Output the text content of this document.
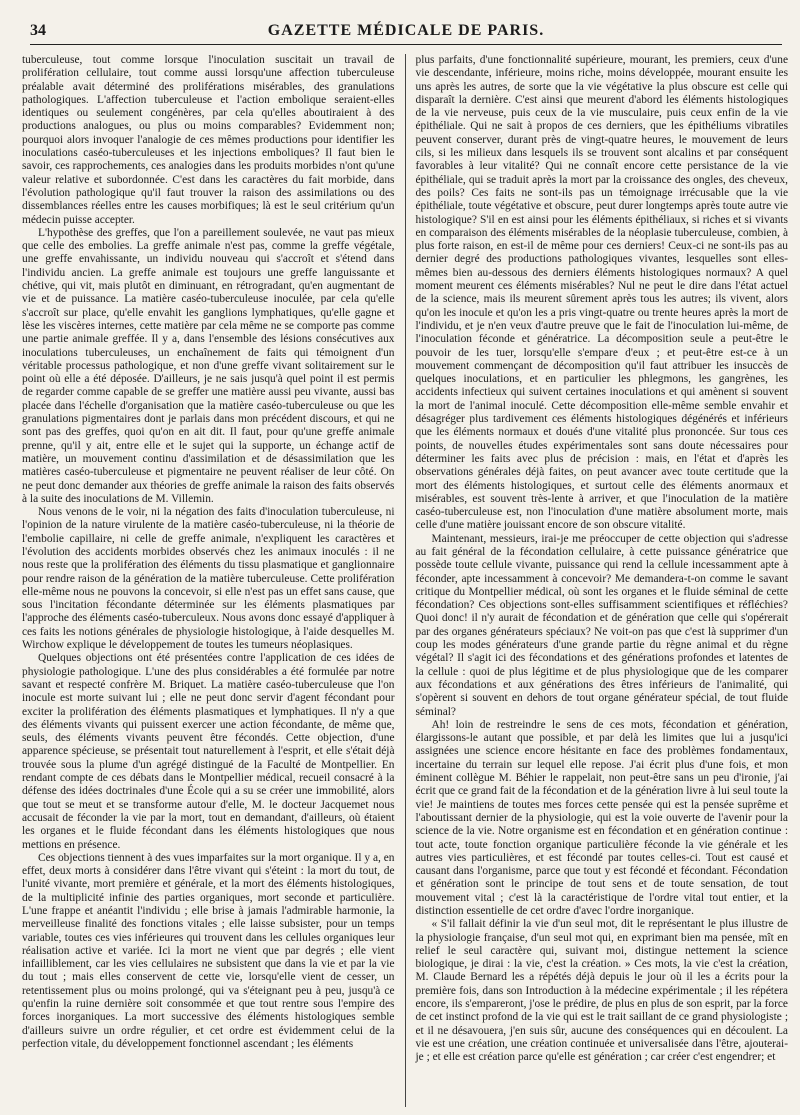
34	GAZETTE MÉDICALE DE PARIS.

tuberculeuse, tout comme lorsque l'inoculation suscitait un travail de prolifération cellulaire, tout comme aussi lorsqu'une affection tuberculeuse préalable avait déterminé des proliférations misérables, des granulations pathologiques. L'affection tuberculeuse et l'action embolique seraient-elles identiques ou seulement congénères, par cela qu'elles aboutiraient à des productions analogues, ou plus ou moins comparables? Evidemment non; pourquoi alors invoquer l'analogie de ces mêmes productions pour identifier les inoculations caséo-tuberculeuses et les injections emboliques? Il faut bien le savoir, ces rapprochements, ces analogies dans les produits morbides n'ont qu'une valeur relative et subordonnée. C'est dans les caractères du fait morbide, dans l'évolution pathologique qu'il faut trouver la raison des assimilations ou des dissemblances réelles entre les causes morbifiques; là est le seul critérium qu'un médecin puisse accepter.

L'hypothèse des greffes, que l'on a pareillement soulevée, ne vaut pas mieux que celle des embolies. La greffe animale n'est pas, comme la greffe végétale, une greffe envahissante, un individu nouveau qui s'accroît et s'étend dans l'individu ancien. La greffe animale est toujours une greffe languissante et chétive, qui vit, mais plutôt en diminuant, en rétrogradant, qu'en augmentant de vie et de puissance. La matière caséo-tuberculeuse inoculée, par cela qu'elle s'accroît sur place, qu'elle envahit les ganglions lymphatiques, qu'elle gagne et lèse les viscères internes, cette matière par cela même ne se comporte pas comme une partie animale greffée. Il y a, dans l'ensemble des lésions consécutives aux inoculations tuberculeuses, un enchaînement de faits qui témoignent d'un véritable processus pathologique, et non d'une greffe vivant solitairement sur le point où elle a été déposée. D'ailleurs, je ne sais jusqu'à quel point il est permis de regarder comme capable de se greffer une matière aussi peu vivante, aussi bas placée dans l'échelle d'organisation que la matière caséo-tuberculeuse ou que les granulations pigmentaires dont je parlais dans mon précédent discours, et qui ne sont pas des greffes, quoi qu'on en ait dit. Il faut, pour qu'une greffe animale prenne, qu'il y ait, entre elle et le sujet qui la supporte, un échange actif de matière, un mouvement continu d'assimilation et de désassimilation que les matières caséo-tuberculeuse et pigmentaire ne peuvent réaliser de leur côté. On ne peut donc demander aux théories de greffe animale la raison des faits observés à la suite des inoculations de M. Villemin.

Nous venons de le voir, ni la négation des faits d'inoculation tuberculeuse, ni l'opinion de la nature virulente de la matière caséo-tuberculeuse, ni la théorie de l'embolie capillaire, ni celle de greffe animale, n'expliquent les caractères et l'évolution des accidents morbides observés chez les animaux inoculés : il ne nous reste que la prolifération des éléments du tissu plasmatique et ganglionnaire pour rendre raison de la génération de la matière tuberculeuse. Cette prolifération elle-même nous ne pouvons la concevoir, si elle n'est pas un effet sans cause, que sous l'incitation fécondante déterminée sur les éléments plasmatiques par l'approche des éléments caséo-tuberculeux. Nous avons donc essayé d'appliquer à ces faits les notions générales de physiologie histologique, à l'aide desquelles M. Wirchow explique le développement de toutes les tumeurs néoplasiques.

Quelques objections ont été présentées contre l'application de ces idées de physiologie pathologique. L'une des plus considérables a été formulée par notre savant et respecté confrère M. Briquet. La matière caséo-tuberculeuse que l'on inocule est morte suivant lui ; elle ne peut donc servir d'agent fécondant pour exciter la prolifération des éléments plasmatiques et lymphatiques. Il n'y a que des éléments vivants qui puissent exercer une action fécondante, de même que, seuls, des éléments vivants peuvent être fécondés. Cette objection, d'une apparence spécieuse, se présentait tout naturellement à l'esprit, et elle s'était déjà trouvée sous la plume d'un agrégé distingué de la Faculté de Montpellier. En rendant compte de ces débats dans le Montpellier médical, recueil consacré à la défense des idées doctrinales d'une École qui a su se créer une immobilité, alors que tout se meut et se transforme autour d'elle, M. le docteur Jacquemet nous accusait de féconder la vie par la mort, tout en demandant, d'ailleurs, où étaient les organes et le fluide fécondant dans les éléments histologiques que nous mettions en présence.

Ces objections tiennent à des vues imparfaites sur la mort organique. Il y a, en effet, deux morts à considérer dans l'être vivant qui s'éteint : la mort du tout, de l'unité vivante, mort première et générale, et la mort des éléments histologiques, de la multiplicité infinie des parties organiques, mort seconde et particulière. L'une frappe et anéantit l'individu ; elle brise à jamais l'admirable harmonie, la merveilleuse finalité des fonctions vitales ; elle laisse subsister, pour un temps variable, toutes ces vies inférieures qui trouvent dans les cellules organiques leur réalisation active et variée. Ici la mort ne vient que par degrés ; elle vient infailliblement, car les vies cellulaires ne subsistent que dans la vie et par la vie du tout ; mais elles conservent de cette vie, lorsqu'elle vient de cesser, un retentissement plus ou moins prolongé, qui va s'éteignant peu à peu, jusqu'à ce qu'enfin la ruine dernière soit consommée et que tout rentre sous l'empire des forces inorganiques. La mort successive des éléments histologiques semble d'ailleurs suivre un ordre régulier, et cet ordre est évidemment celui de la perfection vitale, du développement fonctionnel ascendant ; les éléments

plus parfaits, d'une fonctionnalité supérieure, mourant, les premiers, ceux d'une vie descendante, inférieure, moins riche, moins développée, mourant ensuite les uns après les autres, de sorte que la vie végétative la plus obscure est celle qui disparaît la dernière. C'est ainsi que meurent d'abord les éléments histologiques de la vie nerveuse, puis ceux de la vie musculaire, puis ceux enfin de la vie épithéliale. Qui ne sait à propos de ces derniers, que les épithéliums vibratiles peuvent conserver, durant près de vingt-quatre heures, le mouvement de leurs cils, si les milieux dans lesquels ils se trouvent sont alcalins et par conséquent favorables à leur vitalité? Qui ne connaît encore cette persistance de la vie épithéliale, qui se traduit après la mort par la croissance des ongles, des cheveux, des poils? Ces faits ne sont-ils pas un témoignage irrécusable que la vie épithéliale, toute végétative et obscure, peut durer longtemps après toute autre vie histologique? S'il en est ainsi pour les éléments épithéliaux, si riches et si vivants en comparaison des éléments misérables de la néoplasie tuberculeuse, combien, à plus forte raison, en est-il de même pour ces derniers! Ceux-ci ne sont-ils pas au dernier degré des productions pathologiques vivantes, lesquelles sont elles-mêmes bien au-dessous des derniers éléments histologiques normaux? A quel moment meurent ces éléments misérables? Nul ne peut le dire dans l'état actuel de la science, mais ils meurent sûrement après tous les autres; ils vivent, alors qu'on les inocule et qu'on les a pris vingt-quatre ou trente heures après la mort de l'individu, et je n'en veux d'autre preuve que le fait de l'inoculation lui-même, de l'inoculation féconde et génératrice. La décomposition seule a peut-être le pouvoir de les tuer, lorsqu'elle s'empare d'eux ; et peut-être est-ce à un mouvement commençant de décomposition qu'il faut attribuer les insuccès de quelques inoculations, et en particulier les phlegmons, les gangrènes, les accidents infectieux qui suivent certaines inoculations et qui amènent si souvent la mort de l'animal inoculé. Cette décomposition elle-même semble envahir et désagréger plus tardivement ces éléments histologiques dégénérés et inférieurs que les éléments normaux et doués d'une vitalité plus prononcée. Sur tous ces points, de nouvelles études expérimentales sont sans doute nécessaires pour déterminer les faits avec plus de précision : mais, en l'état et d'après les observations générales déjà faites, on peut avancer avec toute certitude que la mort des éléments histologiques, et surtout celle des éléments anormaux et misérables, est souvent très-lente à arriver, et que l'inoculation de la matière caséo-tuberculeuse est, non l'inoculation d'une matière absolument morte, mais celle d'une matière jouissant encore de son obscure vitalité.

Maintenant, messieurs, irai-je me préoccuper de cette objection qui s'adresse au fait général de la fécondation cellulaire, à cette puissance génératrice que possède toute cellule vivante, puissance qui rend la cellule incessamment apte à féconder, apte incessamment à concevoir? Me demandera-t-on comme le savant critique du Montpellier médical, où sont les organes et le fluide séminal de cette fécondation? Ces objections sont-elles suffisamment scientifiques et réfléchies? Quoi donc! il n'y aurait de fécondation et de génération que celle qui s'opérerait par des organes générateurs spéciaux? Ne voit-on pas que c'est là supprimer d'un coup les modes générateurs d'une grande partie du règne animal et du règne végétal? Il s'agit ici des fécondations et des générations profondes et latentes de la cellule : quoi de plus légitime et de plus physiologique que de les comparer aux fécondations et aux générations des êtres inférieurs de l'animalité, qui s'opèrent si souvent en dehors de tout organe générateur spécial, de tout fluide séminal?

Ah! loin de restreindre le sens de ces mots, fécondation et génération, élargissons-le autant que possible, et par delà les limites que lui a jusqu'ici assignées une science encore hésitante en face des problèmes fondamentaux, incertaine du terrain sur lequel elle repose. J'ai écrit plus d'une fois, et mon éminent collègue M. Béhier le rappelait, non peut-être sans un peu d'ironie, j'ai écrit que ce grand fait de la fécondation et de la génération livre à lui seul toute la vie! Je maintiens de toutes mes forces cette pensée qui est la pensée suprême et l'aboutissant dernier de la physiologie, qui est la voie ouverte de l'avenir pour la science de la vie. Notre organisme est en fécondation et en génération continue : tout acte, toute fonction organique particulière féconde la vie générale et les autres vies particulières, et est fécondé par toutes celles-ci. Tout est causé et causant dans l'organisme, parce que tout y est fécondé et fécondant. Fécondation et génération sont le principe de tout sens et de toute sensation, de tout mouvement vital ; c'est là la caractéristique de l'ordre vital tout entier, et la distinction essentielle de cet ordre d'avec l'ordre inorganique.

« S'il fallait définir la vie d'un seul mot, dit le représentant le plus illustre de la physiologie française, d'un seul mot qui, en exprimant bien ma pensée, mît en relief le seul caractère qui, suivant moi, distingue nettement la science biologique, je dirai : la vie, c'est la création. » Ces mots, la vie c'est la création, M. Claude Bernard les a répétés déjà depuis le jour où il les a écrits pour la première fois, dans son Introduction à la médecine expérimentale ; il les répétera encore, ils s'empareront, j'ose le prédire, de plus en plus de son esprit, par la force de cet instinct profond de la vie qui est le trait saillant de ce grand physiologiste ; et il ne désavouera, j'en suis sûr, aucune des conséquences qui en découlent. La vie est une création, une création continuée et universalisée dans l'être, ajouterai-je ; et elle est création parce qu'elle est génération ; car créer c'est engendrer; et
